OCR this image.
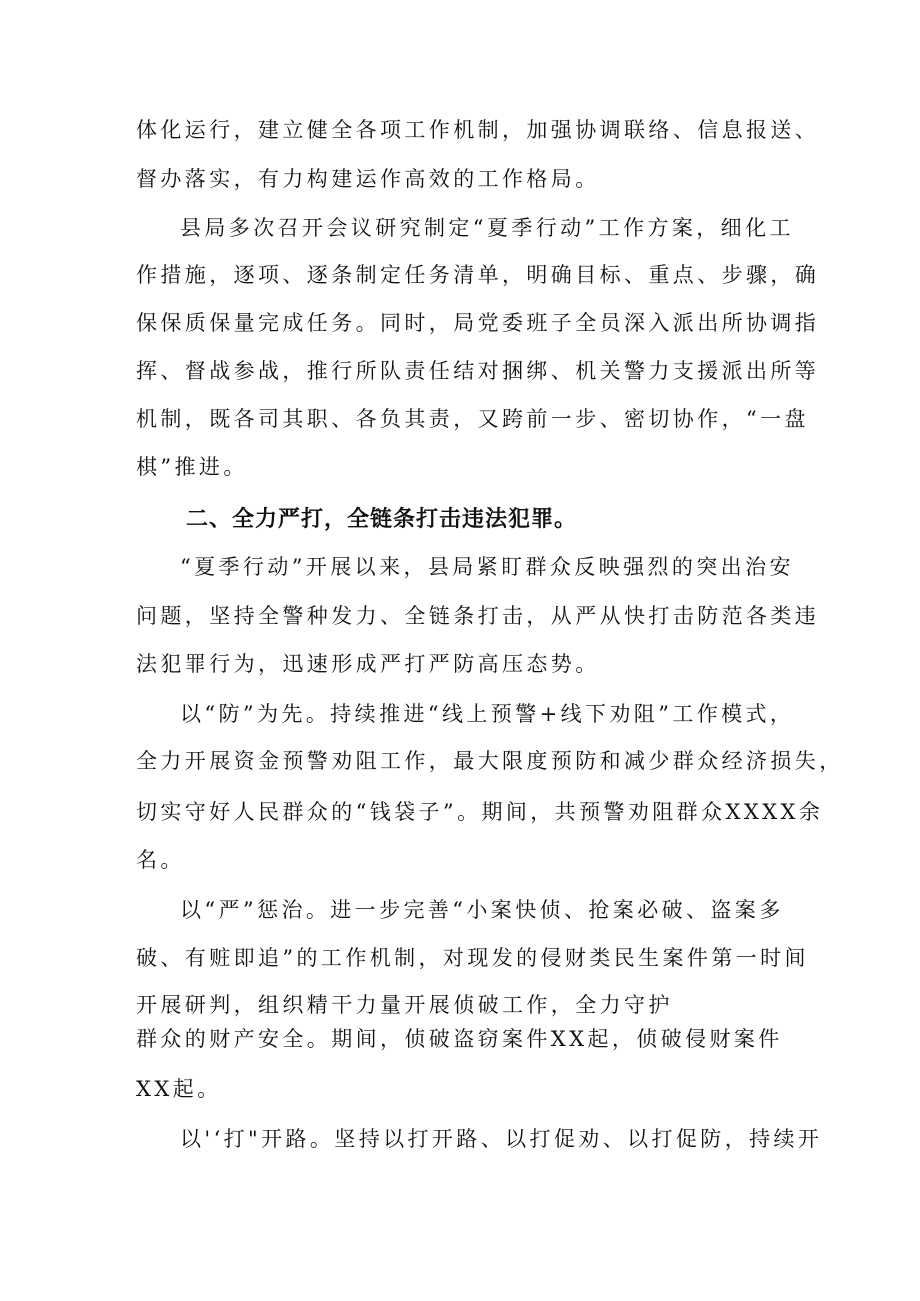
体化运行，建立健全各项工作机制，加强协调联络、信息报送、
督办落实，有力构建运作高效的工作格局。
县局多次召开会议研究制定“夏季行动”工作方案，细化工
作措施，逐项、逐条制定任务清单，明确目标、重点、步骤，确
保保质保量完成任务。同时，局党委班子全员深入派出所协调指
挥、督战参战，推行所队责任结对捆绑、机关警力支援派出所等
机制，既各司其职、各负其责，又跨前一步、密切协作，“一盘
棋”推进。
二、全力严打，全链条打击违法犯罪。
“夏季行动”开展以来，县局紧盯群众反映强烈的突出治安
问题，坚持全警种发力、全链条打击，从严从快打击防范各类违
法犯罪行为，迅速形成严打严防高压态势。
以“防”为先。持续推进“线上预警+线下劝阻”工作模式，
全力开展资金预警劝阻工作，最大限度预防和减少群众经济损失，
切实守好人民群众的“钱袋子”。期间，共预警劝阻群众XXXX余
名。
以“严”惩治。进一步完善“小案快侦、抢案必破、盗案多
破、有赃即追”的工作机制，对现发的侵财类民生案件第一时间
开展研判，组织精干力量开展侦破工作，全力守护
群众的财产安全。期间，侦破盗窃案件XX起，侦破侵财案件
XX起。
以'‘打"开路。坚持以打开路、以打促劝、以打促防，持续开
